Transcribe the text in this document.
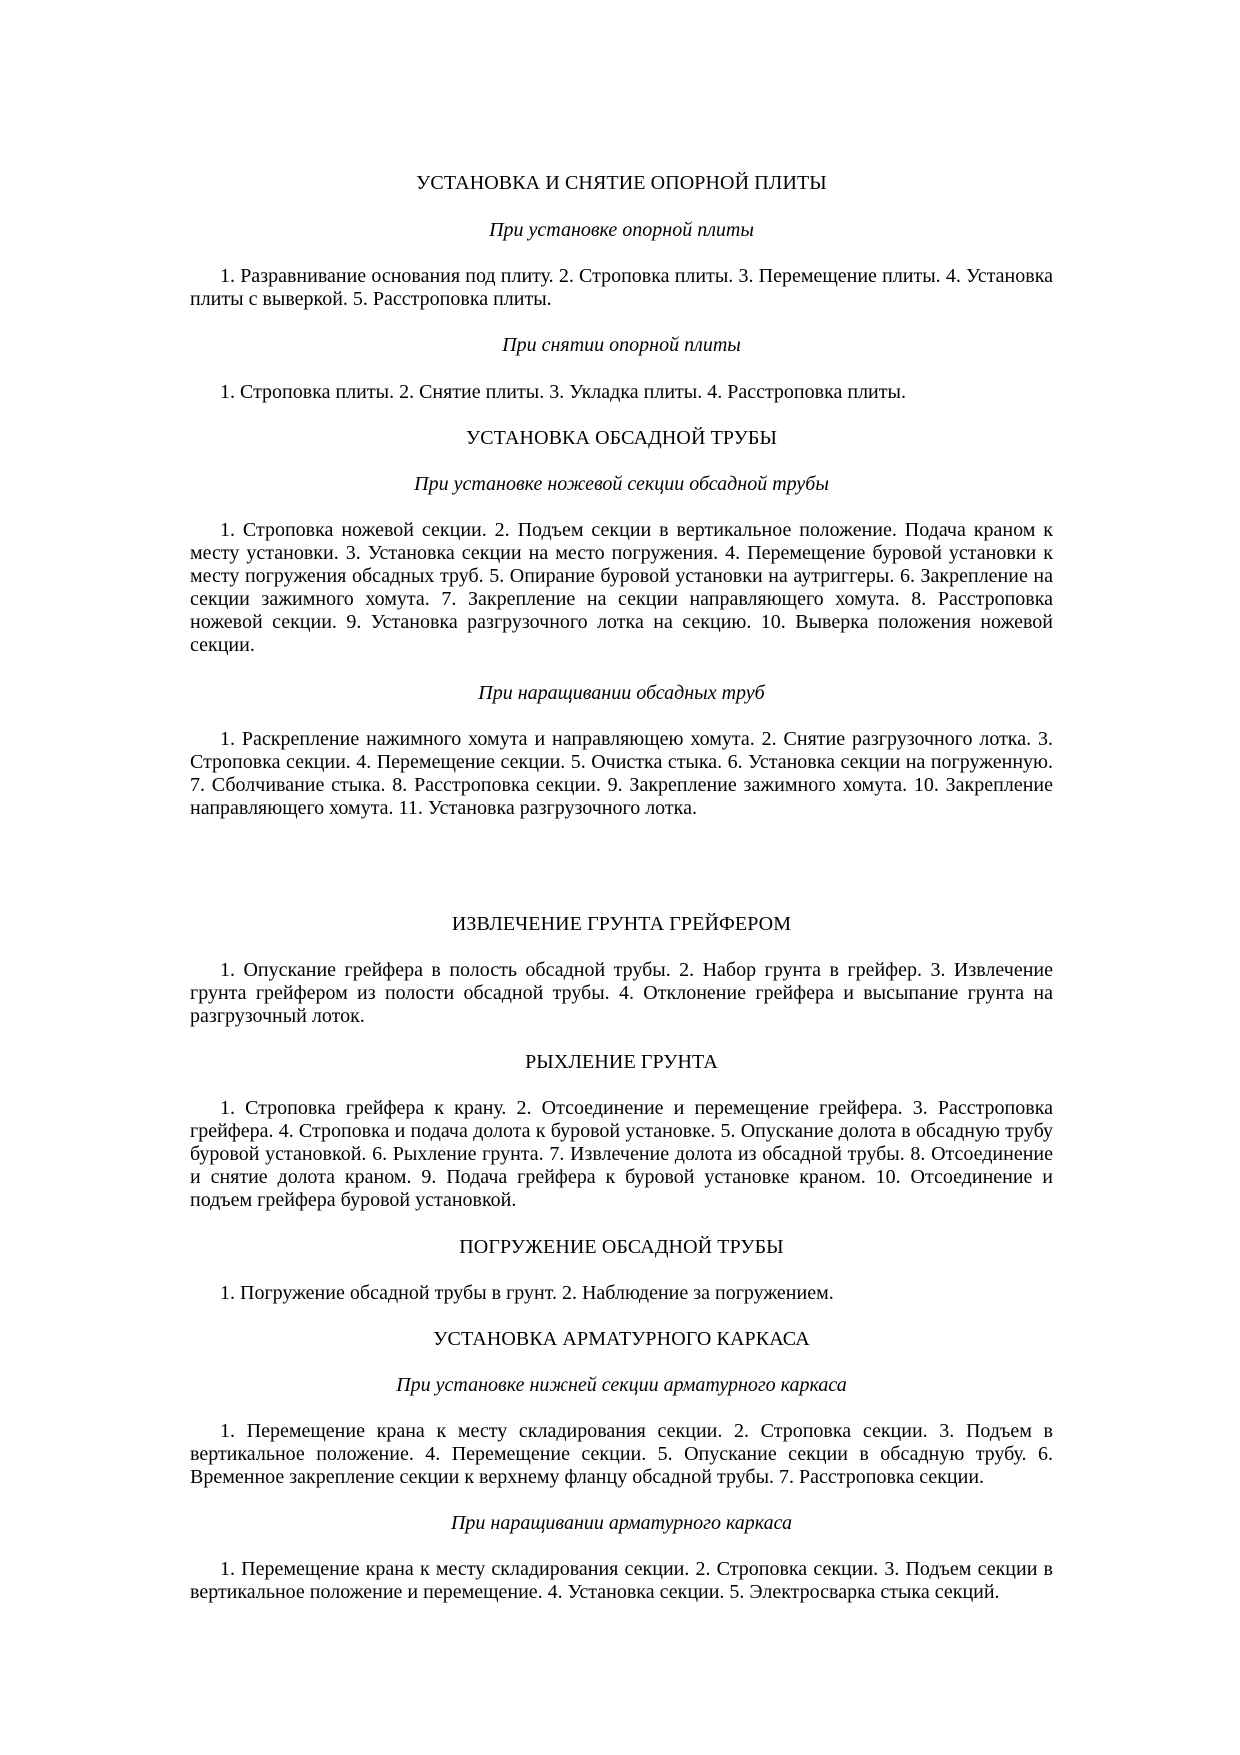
УСТАНОВКА И СНЯТИЕ ОПОРНОЙ ПЛИТЫ

При установке опорной плиты

1. Разравнивание основания под плиту. 2. Строповка плиты. 3. Перемещение плиты. 4. Установка плиты с выверкой. 5. Расстроповка плиты.

При снятии опорной плиты

1. Строповка плиты. 2. Снятие плиты. 3. Укладка плиты. 4. Расстроповка плиты.

УСТАНОВКА ОБСАДНОЙ ТРУБЫ

При установке ножевой секции обсадной трубы

1. Строповка ножевой секции. 2. Подъем секции в вертикальное положение. Подача краном к месту установки. 3. Установка секции на место погружения. 4. Перемещение буровой установки к месту погружения обсадных труб. 5. Опирание буровой установки на аутриггеры. 6. Закрепление на секции зажимного хомута. 7. Закрепление на секции направляющего хомута. 8. Расстроповка ножевой секции. 9. Установка разгрузочного лотка на секцию. 10. Выверка положения ножевой секции.

При наращивании обсадных труб

1. Раскрепление нажимного хомута и направляющею хомута. 2. Снятие разгрузочного лотка. 3. Строповка секции. 4. Перемещение секции. 5. Очистка стыка. 6. Установка секции на погруженную. 7. Сболчивание стыка. 8. Расстроповка секции. 9. Закрепление зажимного хомута. 10. Закрепление направляющего хомута. 11. Установка разгрузочного лотка.

ИЗВЛЕЧЕНИЕ ГРУНТА ГРЕЙФЕРОМ

1. Опускание грейфера в полость обсадной трубы. 2. Набор грунта в грейфер. 3. Извлечение грунта грейфером из полости обсадной трубы. 4. Отклонение грейфера и высыпание грунта на разгрузочный лоток.

РЫХЛЕНИЕ ГРУНТА

1. Строповка грейфера к крану. 2. Отсоединение и перемещение грейфера. 3. Расстроповка грейфера. 4. Строповка и подача долота к буровой установке. 5. Опускание долота в обсадную трубу буровой установкой. 6. Рыхление грунта. 7. Извлечение долота из обсадной трубы. 8. Отсоединение и снятие долота краном. 9. Подача грейфера к буровой установке краном. 10. Отсоединение и подъем грейфера буровой установкой.

ПОГРУЖЕНИЕ ОБСАДНОЙ ТРУБЫ

1. Погружение обсадной трубы в грунт. 2. Наблюдение за погружением.

УСТАНОВКА АРМАТУРНОГО КАРКАСА

При установке нижней секции арматурного каркаса

1. Перемещение крана к месту складирования секции. 2. Строповка секции. 3. Подъем в вертикальное положение. 4. Перемещение секции. 5. Опускание секции в обсадную трубу. 6. Временное закрепление секции к верхнему фланцу обсадной трубы. 7. Расстроповка секции.

При наращивании арматурного каркаса

1. Перемещение крана к месту складирования секции. 2. Строповка секции. 3. Подъем секции в вертикальное положение и перемещение. 4. Установка секции. 5. Электросварка стыка секций.
